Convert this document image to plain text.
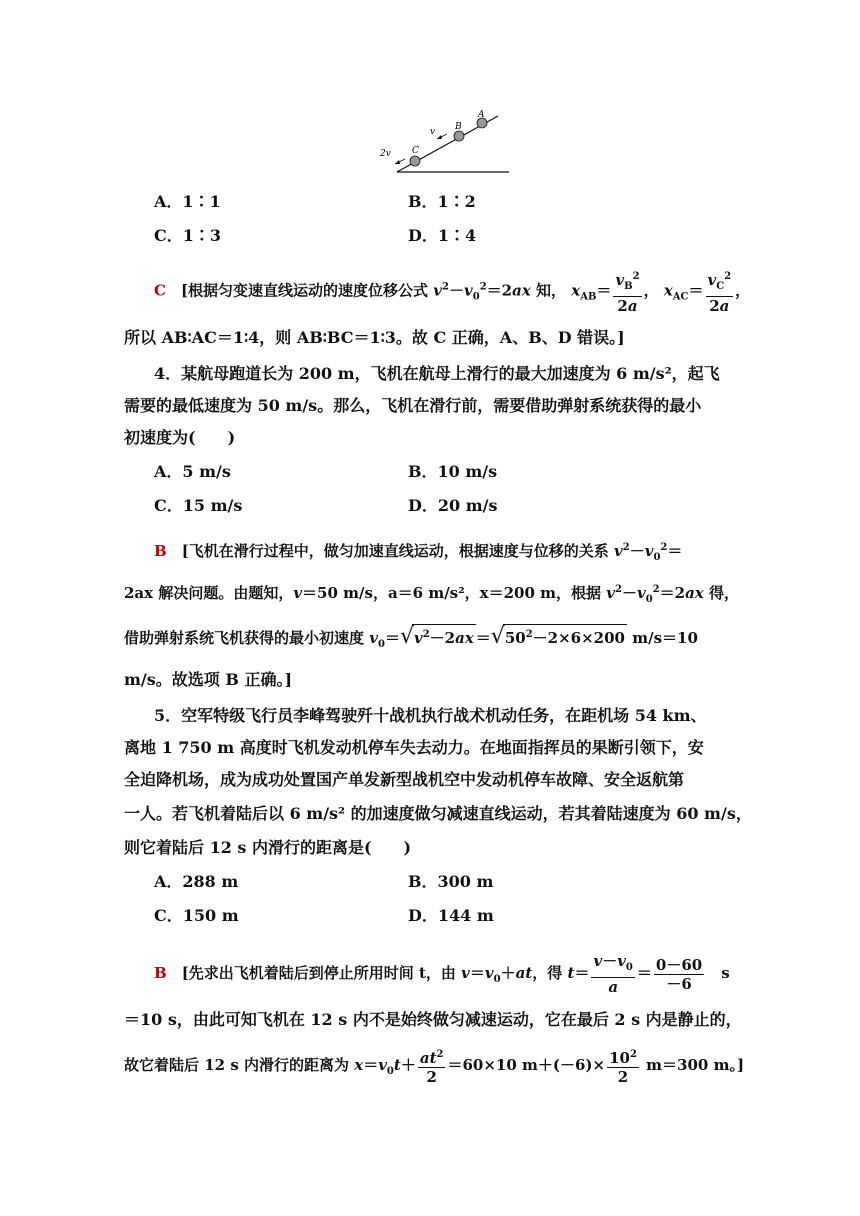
A
B
C
v
2v
A．1∶1	B．1∶2
C．1∶3	D．1∶4
C  [根据匀变速直线运动的速度位移公式 $v^2-v_0^2=2ax$ 知， $x_{AB}= \frac{v_B^2}{2a}$ ， $x_{AC}= \frac{v_C^2}{2a}$ ，
所以 AB∶AC＝1∶4，则 AB∶BC＝1∶3。故 C 正确，A、B、D 错误。]
4．某航母跑道长为 200 m，飞机在航母上滑行的最大加速度为 6 m/s²，起飞
需要的最低速度为 50 m/s。那么，飞机在滑行前，需要借助弹射系统获得的最小
初速度为(　　)
A．5 m/s	B．10 m/s
C．15 m/s	D．20 m/s
B  [飞机在滑行过程中，做匀加速直线运动，根据速度与位移的关系 $v^2-v_0^2=$
2ax 解决问题。由题知，v＝50 m/s，a＝6 m/s²，x＝200 m，根据 $v^2-v_0^2=2ax$ 得，
借助弹射系统飞机获得的最小初速度 $v_0=√v^2-2ax =√50^2-2\times 6\times 200$ m/s＝10
m/s。故选项 B 正确。]
5．空军特级飞行员李峰驾驶歼十战机执行战术机动任务，在距机场 54 km、
离地 1 750 m 高度时飞机发动机停车失去动力。在地面指挥员的果断引领下，安
全迫降机场，成为成功处置国产单发新型战机空中发动机停车故障、安全返航第
一人。若飞机着陆后以 6 m/s² 的加速度做匀减速直线运动，若其着陆速度为 60 m/s，
则它着陆后 12 s 内滑行的距离是(　　)
A．288 m	B．300 m
C．150 m	D．144 m
B  [先求出飞机着陆后到停止所用时间 t，由 $v=v_0+at$，得 $t= \frac{v-v_0}{a} = \frac{0-60}{-6}$  s
＝10 s，由此可知飞机在 12 s 内不是始终做匀减速运动，它在最后 2 s 内是静止的，
故它着陆后 12 s 内滑行的距离为 $x=v_0t+ \frac{at^2}{2} =60\times 10$ $m+(-6)\times \frac{10^2}{2} m=300$ m。]
